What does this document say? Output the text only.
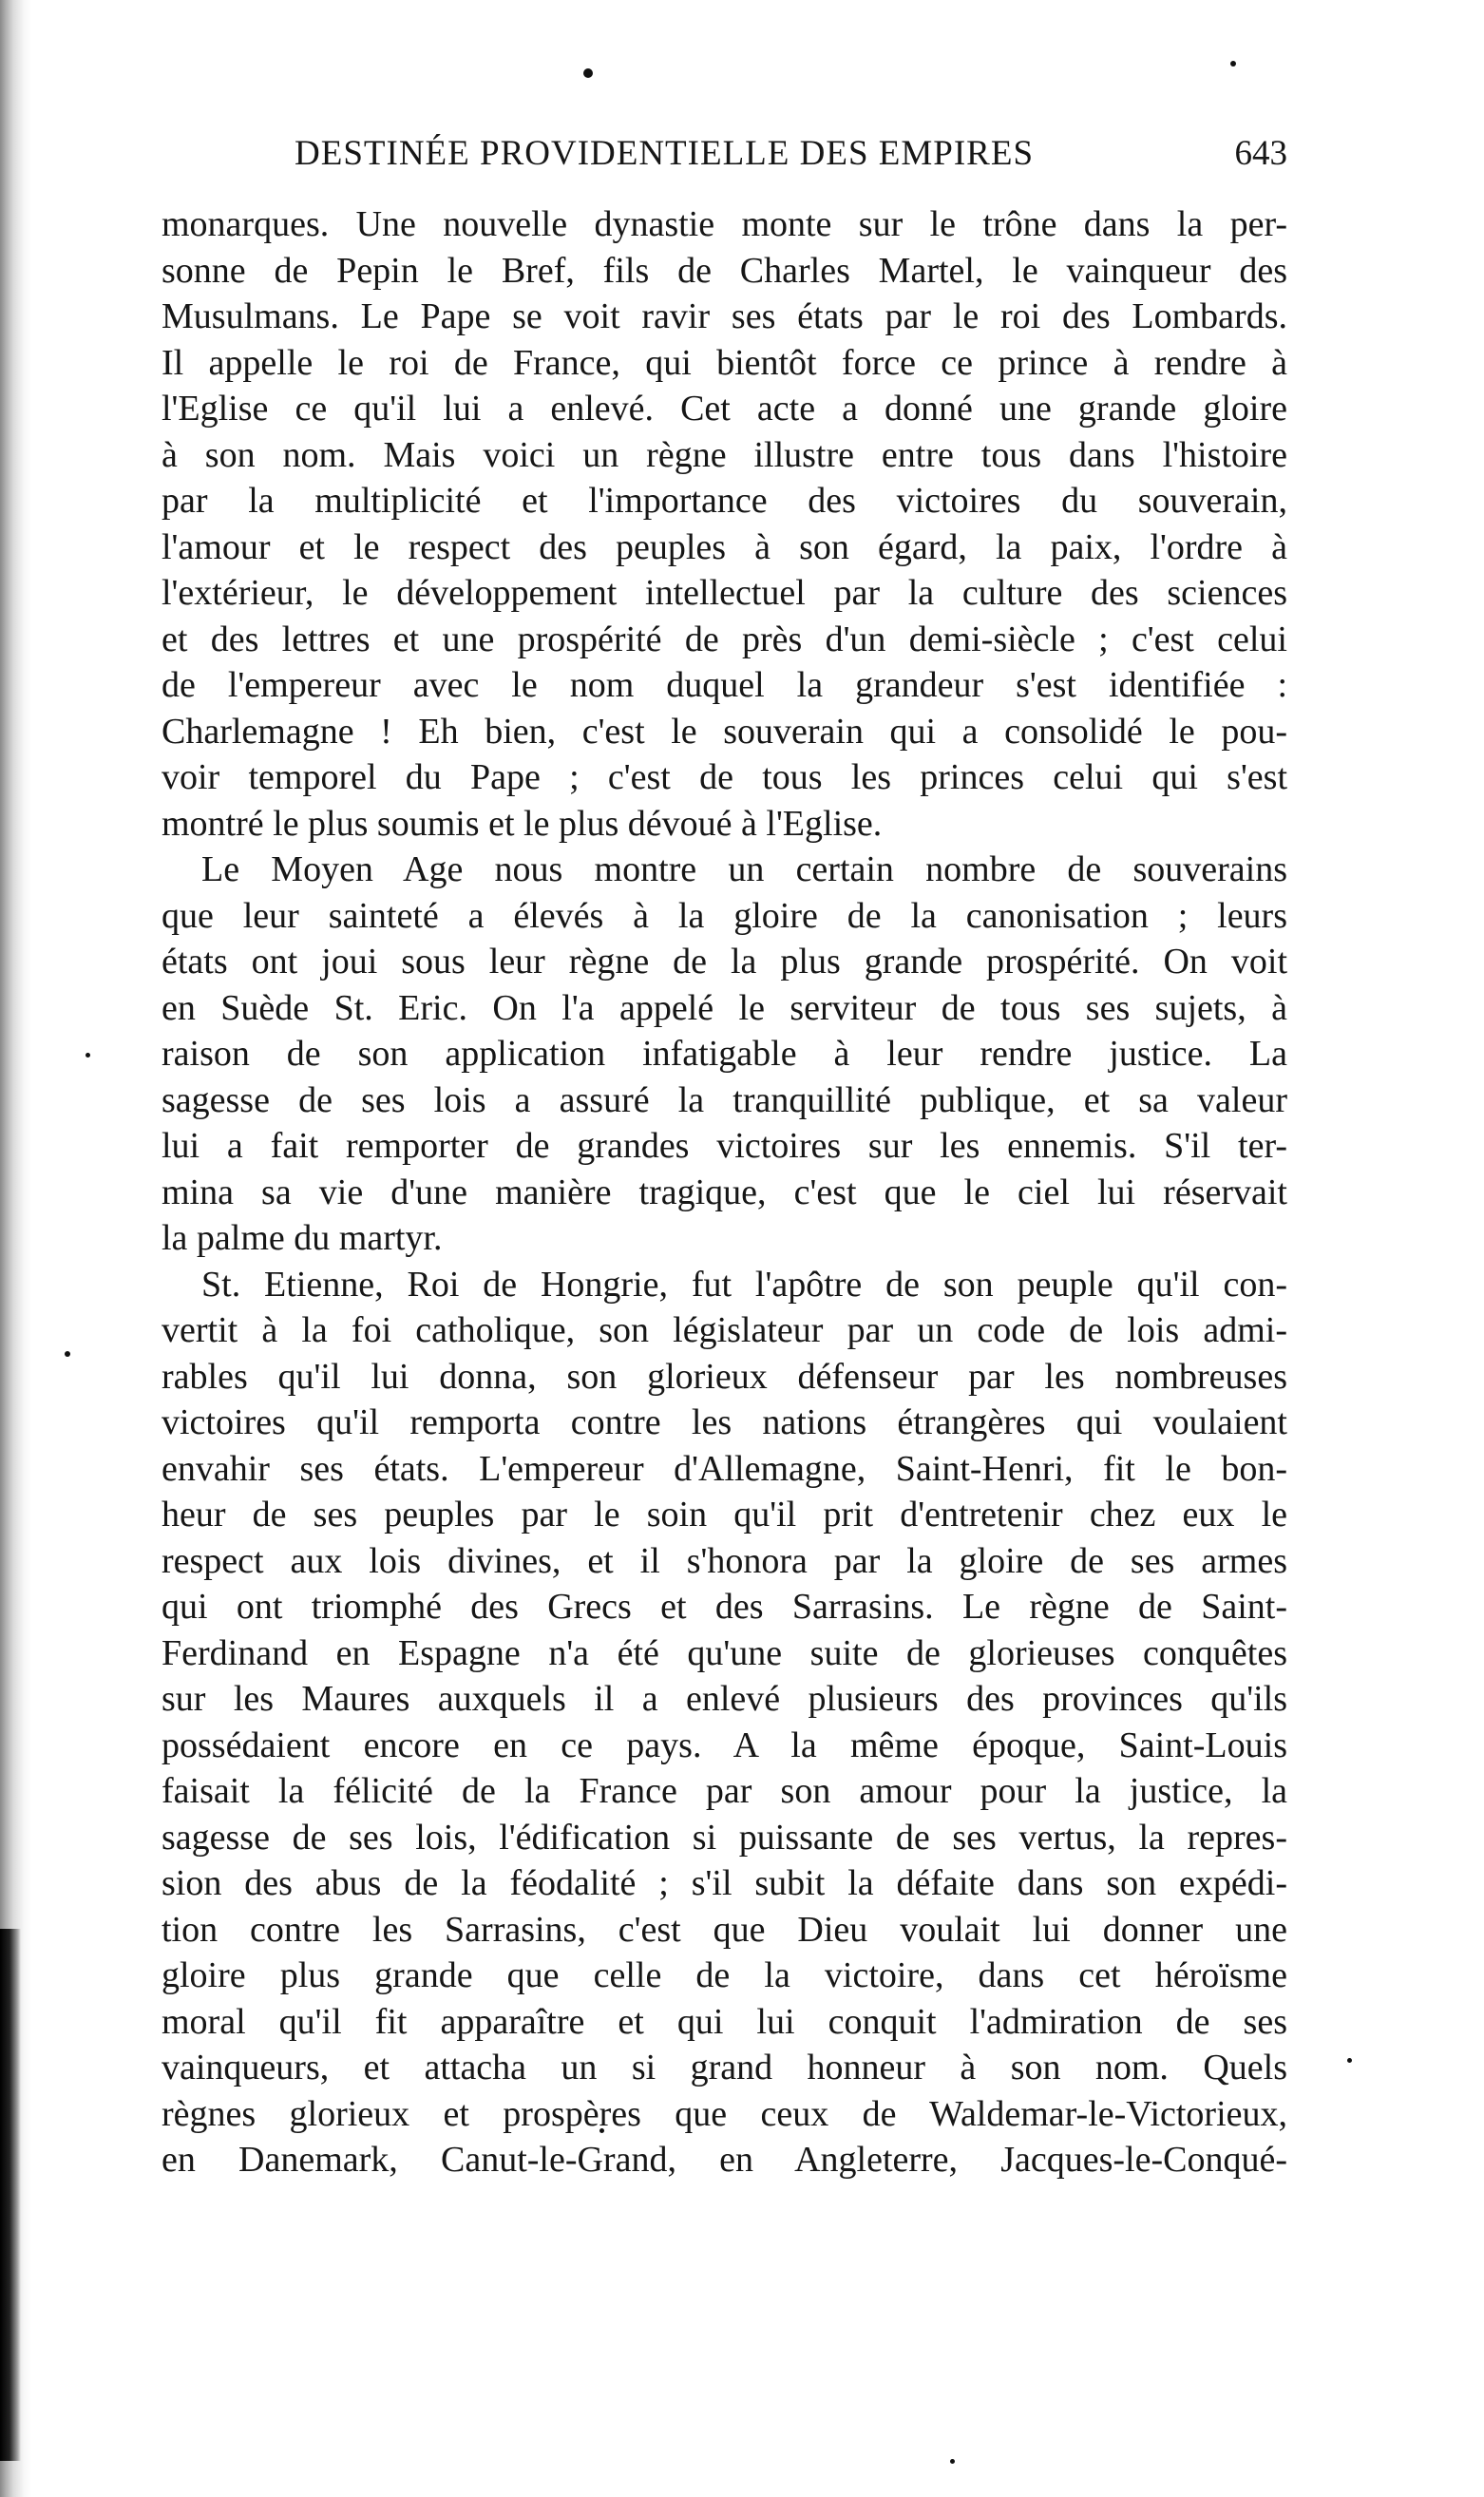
DESTINÉE PROVIDENTIELLE DES EMPIRES	643
monarques. Une nouvelle dynastie monte sur le trône dans la per-
sonne de Pepin le Bref, fils de Charles Martel, le vainqueur des
Musulmans. Le Pape se voit ravir ses états par le roi des Lombards.
Il appelle le roi de France, qui bientôt force ce prince à rendre à
l'Eglise ce qu'il lui a enlevé. Cet acte a donné une grande gloire
à son nom. Mais voici un règne illustre entre tous dans l'histoire
par la multiplicité et l'importance des victoires du souverain,
l'amour et le respect des peuples à son égard, la paix, l'ordre à
l'extérieur, le développement intellectuel par la culture des sciences
et des lettres et une prospérité de près d'un demi-siècle ; c'est celui
de l'empereur avec le nom duquel la grandeur s'est identifiée :
Charlemagne ! Eh bien, c'est le souverain qui a consolidé le pou-
voir temporel du Pape ; c'est de tous les princes celui qui s'est
montré le plus soumis et le plus dévoué à l'Eglise.
Le Moyen Age nous montre un certain nombre de souverains
que leur sainteté a élevés à la gloire de la canonisation ; leurs
états ont joui sous leur règne de la plus grande prospérité. On voit
en Suède St. Eric. On l'a appelé le serviteur de tous ses sujets, à
raison de son application infatigable à leur rendre justice. La
sagesse de ses lois a assuré la tranquillité publique, et sa valeur
lui a fait remporter de grandes victoires sur les ennemis. S'il ter-
mina sa vie d'une manière tragique, c'est que le ciel lui réservait
la palme du martyr.
St. Etienne, Roi de Hongrie, fut l'apôtre de son peuple qu'il con-
vertit à la foi catholique, son législateur par un code de lois admi-
rables qu'il lui donna, son glorieux défenseur par les nombreuses
victoires qu'il remporta contre les nations étrangères qui voulaient
envahir ses états. L'empereur d'Allemagne, Saint-Henri, fit le bon-
heur de ses peuples par le soin qu'il prit d'entretenir chez eux le
respect aux lois divines, et il s'honora par la gloire de ses armes
qui ont triomphé des Grecs et des Sarrasins. Le règne de Saint-
Ferdinand en Espagne n'a été qu'une suite de glorieuses conquêtes
sur les Maures auxquels il a enlevé plusieurs des provinces qu'ils
possédaient encore en ce pays. A la même époque, Saint-Louis
faisait la félicité de la France par son amour pour la justice, la
sagesse de ses lois, l'édification si puissante de ses vertus, la repres-
sion des abus de la féodalité ; s'il subit la défaite dans son expédi-
tion contre les Sarrasins, c'est que Dieu voulait lui donner une
gloire plus grande que celle de la victoire, dans cet héroïsme
moral qu'il fit apparaître et qui lui conquit l'admiration de ses
vainqueurs, et attacha un si grand honneur à son nom. Quels
règnes glorieux et prospères que ceux de Waldemar-le-Victorieux,
en Danemark, Canut-le-Grand, en Angleterre, Jacques-le-Conqué-
